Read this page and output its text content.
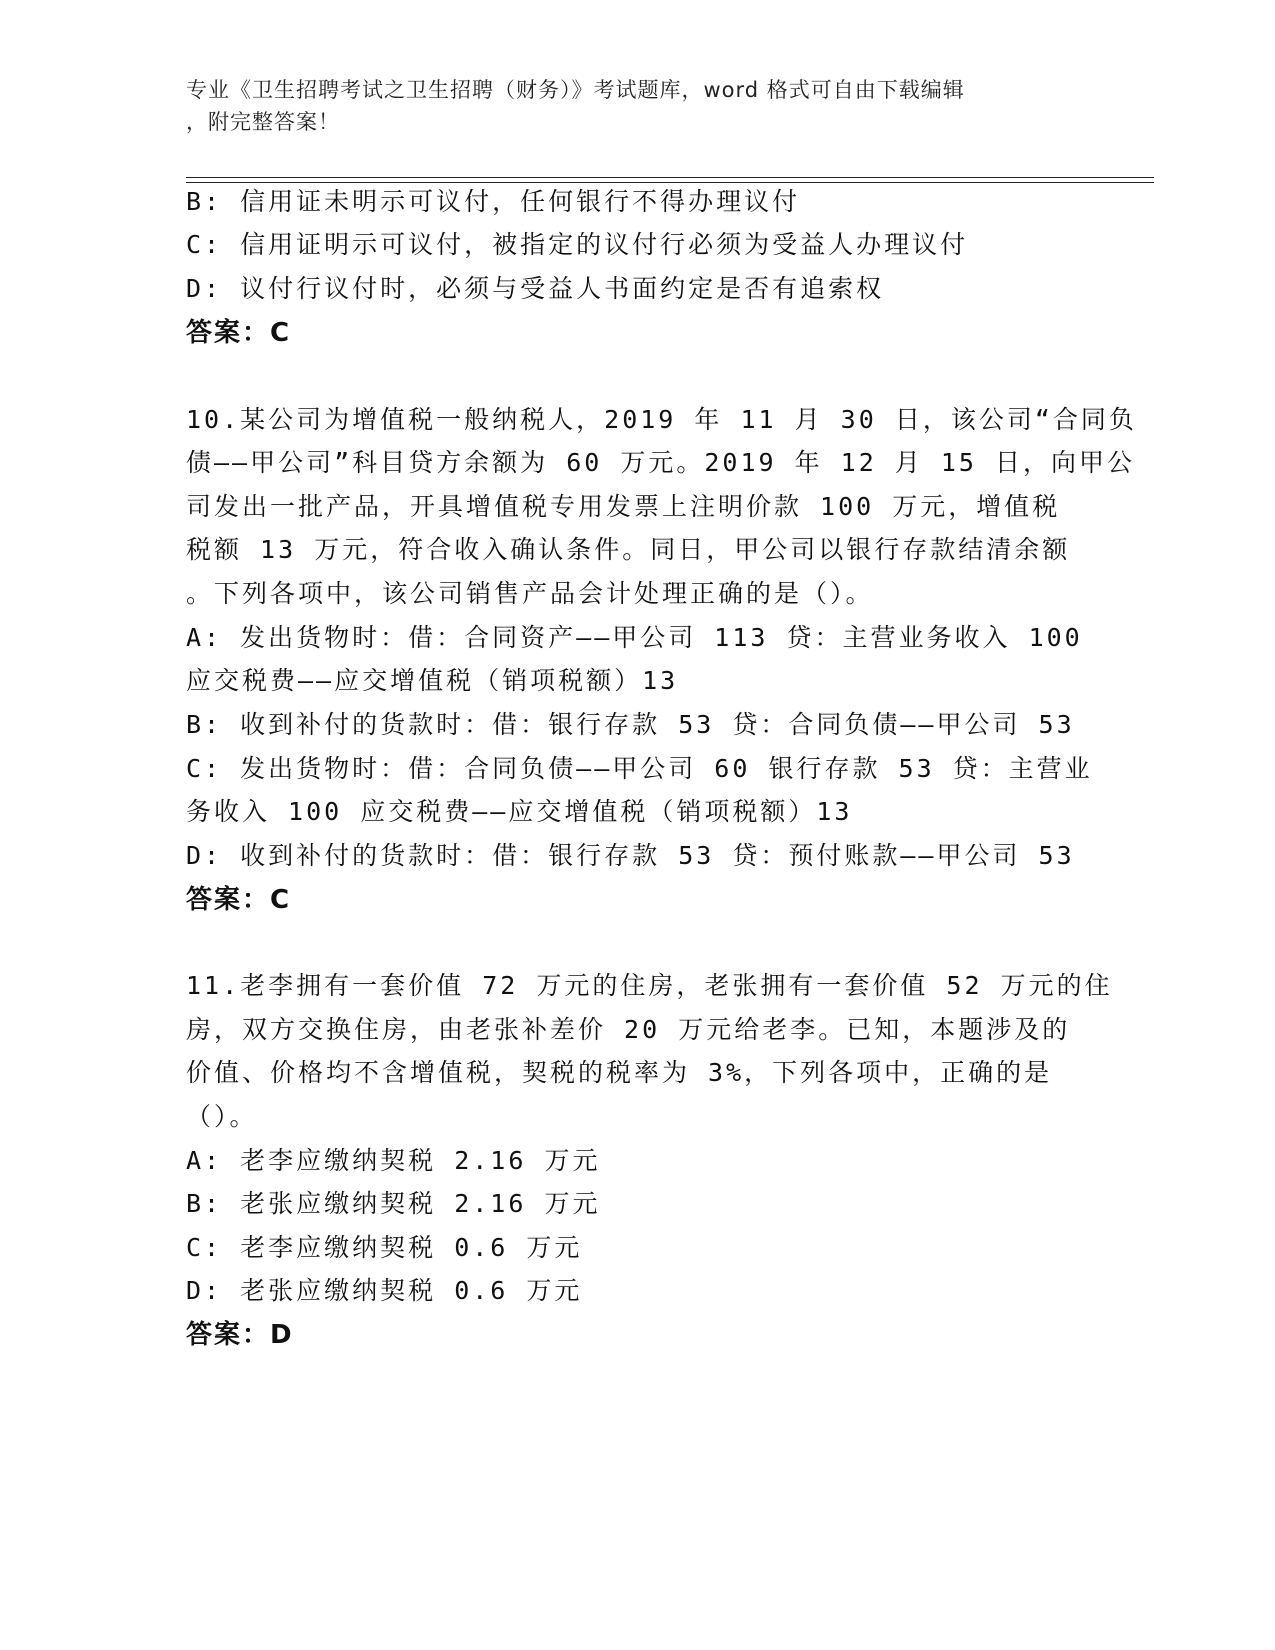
专业《卫生招聘考试之卫生招聘（财务）》考试题库，word 格式可自由下载编辑
，附完整答案！
B: 信用证未明示可议付，任何银行不得办理议付
C: 信用证明示可议付，被指定的议付行必须为受益人办理议付
D: 议付行议付时，必须与受益人书面约定是否有追索权
答案：C
10.某公司为增值税一般纳税人，2019 年 11 月 30 日，该公司“合同负
债——甲公司”科目贷方余额为 60 万元。2019 年 12 月 15 日，向甲公
司发出一批产品，开具增值税专用发票上注明价款 100 万元，增值税
税额 13 万元，符合收入确认条件。同日，甲公司以银行存款结清余额
。下列各项中，该公司销售产品会计处理正确的是（）。
A: 发出货物时：借：合同资产——甲公司 113 贷：主营业务收入 100
应交税费——应交增值税（销项税额）13
B: 收到补付的货款时：借：银行存款 53 贷：合同负债——甲公司 53
C: 发出货物时：借：合同负债——甲公司 60 银行存款 53 贷：主营业
务收入 100 应交税费——应交增值税（销项税额）13
D: 收到补付的货款时：借：银行存款 53 贷：预付账款——甲公司 53
答案：C
11.老李拥有一套价值 72 万元的住房，老张拥有一套价值 52 万元的住
房，双方交换住房，由老张补差价 20 万元给老李。已知，本题涉及的
价值、价格均不含增值税，契税的税率为 3%，下列各项中，正确的是
（）。
A: 老李应缴纳契税 2.16 万元
B: 老张应缴纳契税 2.16 万元
C: 老李应缴纳契税 0.6 万元
D: 老张应缴纳契税 0.6 万元
答案：D
